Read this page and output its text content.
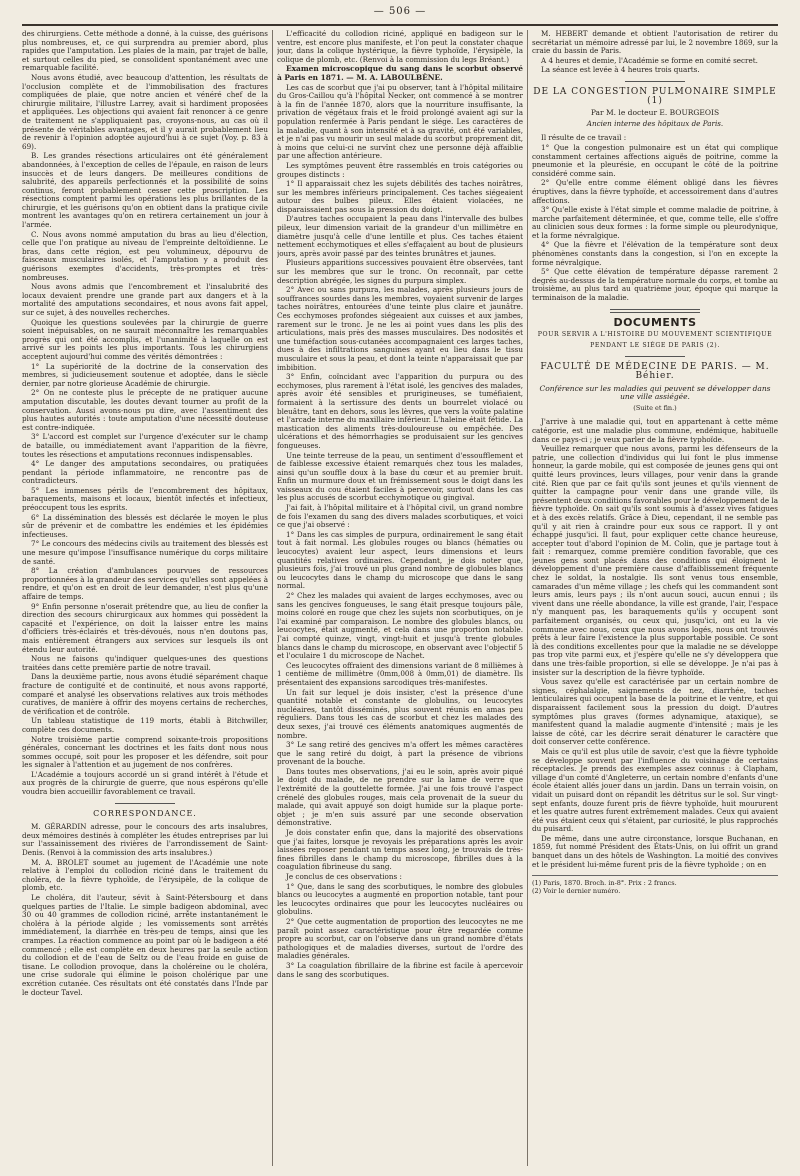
— 506 —

des chirurgiens. Cette méthode a donné, à la cuisse, des guérisons plus nombreuses, et, ce qui surprendra au premier abord, plus rapides que l'amputation. Les plaies de la main, par trajet de balle, et surtout celles du pied, se consolident spontanément avec une remarquable facilité.

Nous avons étudié, avec beaucoup d'attention, les résultats de l'occlusion complète et de l'immobilisation des fractures compliquées de plaie, que notre ancien et vénéré chef de la chirurgie militaire, l'illustre Larrey, avait si hardiment proposées et appliquées. Les objections qui avaient fait renoncer à ce genre de traitement ne s'appliquaient pas, croyons-nous, au cas où il présente de véritables avantages, et il y aurait probablement lieu de revenir à l'opinion adoptée aujourd'hui à ce sujet (Voy. p. 83 à 69).

B. Les grandes résections articulaires ont été généralement abandonnées, à l'exception de celles de l'épaule, en raison de leurs insuccès et de leurs dangers. De meilleures conditions de salubrité, des appareils perfectionnés et la possibilité de soins continus, feront probablement cesser cette proscription. Les résections comptent parmi les opérations les plus brillantes de la chirurgie, et les guérisons qu'on en obtient dans la pratique civile montrent les avantages qu'on en retirera certainement un jour à l'armée.

C. Nous avons nommé amputation du bras au lieu d'élection, celle que l'on pratique au niveau de l'empreinte deltoïdienne. Le bras, dans cette région, est peu volumineux, dépourvu de faisceaux musculaires isolés, et l'amputation y a produit des guérisons exemptes d'accidents, très-promptes et très-nombreuses.

Nous avons admis que l'encombrement et l'insalubrité des locaux devaient prendre une grande part aux dangers et à la mortalité des amputations secondaires, et nous avons fait appel, sur ce sujet, à des nouvelles recherches.

Quoique les questions soulevées par la chirurgie de guerre soient inépuisables, on ne saurait méconnaître les remarquables progrès qui ont été accomplis, et l'unanimité à laquelle on est arrivé sur les points les plus importants. Tous les chirurgiens acceptent aujourd'hui comme des vérités démontrées :

1° La supériorité de la doctrine de la conservation des membres, si judicieusement soutenue et adoptée, dans le siècle dernier, par notre glorieuse Académie de chirurgie.

2° On ne conteste plus le précepte de ne pratiquer aucune amputation discutable, les doutes devant tourner au profit de la conservation. Aussi avons-nous pu dire, avec l'assentiment des plus hautes autorités : toute amputation d'une nécessité douteuse est contre-indiquée.

3° L'accord est complet sur l'urgence d'exécuter sur le champ de bataille, ou immédiatement avant l'apparition de la fièvre, toutes les résections et amputations reconnues indispensables.

4° Le danger des amputations secondaires, ou pratiquées pendant la période inflammatoire, ne rencontre pas de contradicteurs.

5° Les immenses périls de l'encombrement des hôpitaux, baraquements, maisons et locaux, bientôt infectés et infectieux, préoccupent tous les esprits.

6° La dissémination des blessés est déclarée le moyen le plus sûr de prévenir et de combattre les endémies et les épidémies infectieuses.

7° Le concours des médecins civils au traitement des blessés est une mesure qu'impose l'insuffisance numérique du corps militaire de santé.

8° La création d'ambulances pourvues de ressources proportionnées à la grandeur des services qu'elles sont appelées à rendre, et qu'on est en droit de leur demander, n'est plus qu'une affaire de temps.

9° Enfin personne n'oserait prétendre que, au lieu de confier la direction des secours chirurgicaux aux hommes qui possèdent la capacité et l'expérience, on doit la laisser entre les mains d'officiers très-éclairés et très-dévoués, nous n'en doutons pas, mais entièrement étrangers aux services sur lesquels ils ont étendu leur autorité.

Nous ne faisons qu'indiquer quelques-unes des questions traitées dans cette première partie de notre travail.

Dans la deuxième partie, nous avons étudié séparément chaque fracture de contiguïté et de continuité, et nous avons rapporté, comparé et analysé les observations relatives aux trois méthodes curatives, de manière à offrir des moyens certains de recherches, de vérification et de contrôle.

Un tableau statistique de 119 morts, établi à Bitchwiller, complète ces documents.

Notre troisième partie comprend soixante-trois propositions générales, concernant les doctrines et les faits dont nous nous sommes occupé, soit pour les proposer et les défendre, soit pour les signaler à l'attention et au jugement de nos confrères.

L'Académie a toujours accordé un si grand intérêt à l'étude et aux progrès de la chirurgie de guerre, que nous espérons qu'elle voudra bien accueillir favorablement ce travail.

CORRESPONDANCE.

M. GÉRARDIN adresse, pour le concours des arts insalubres, deux mémoires destinés à compléter les études entreprises par lui sur l'assainissement des rivières de l'arrondissement de Saint-Denis. (Renvoi à la commission des arts insalubres.)

M. A. BROLET soumet au jugement de l'Académie une note relative à l'emploi du collodion riciné dans le traitement du choléra, de la fièvre typhoïde, de l'érysipèle, de la colique de plomb, etc.

Le choléra, dit l'auteur, sévit à Saint-Pétersbourg et dans quelques parties de l'Italie. Le simple badigeon abdominal, avec 30 ou 40 grammes de collodion riciné, arrête instantanément le choléra à la période algide ; les vomissements sont arrêtés immédiatement, la diarrhée en très-peu de temps, ainsi que les crampes. La réaction commence au point par où le badigeon a été commencé ; elle est complète en deux heures par la seule action du collodion et de l'eau de Seltz ou de l'eau froide en guise de tisane. Le collodion provoque, dans la choléreine ou le choléra, une crise sudorale qui élimine le poison cholérique par une excrétion cutanée. Ces résultats ont été constatés dans l'Inde par le docteur Tavel.

L'efficacité du collodion riciné, appliqué en badigeon sur le ventre, est encore plus manifeste, et l'on peut la constater chaque jour, dans la colique hystérique, la fièvre typhoïde, l'érysipèle, la colique de plomb, etc. (Renvoi à la commission du legs Bréant.)

Examen microscopique du sang dans le scorbut observé à Paris en 1871. — M. A. LABOULBÈNE.

Les cas de scorbut que j'ai pu observer, tant à l'hôpital militaire du Gros-Caillou qu'à l'hôpital Necker, ont commencé à se montrer à la fin de l'année 1870, alors que la nourriture insuffisante, la privation de végétaux frais et le froid prolongé avaient agi sur la population renfermée à Paris pendant le siége. Les caractères de la maladie, quant à son intensité et à sa gravité, ont été variables, et je n'ai pas vu mourir un seul malade du scorbut proprement dit, à moins que celui-ci ne survînt chez une personne déjà affaiblie par une affection antérieure.

Les symptômes peuvent être rassemblés en trois catégories ou groupes distincts :

1° Il apparaissait chez les sujets débilités des taches noirâtres, sur les membres inférieurs principalement. Ces taches siégeaient autour des bulbes pileux. Elles étaient violacées, ne disparaissaient pas sous la pression du doigt.

D'autres taches occupaient la peau dans l'intervalle des bulbes pileux, leur dimension variait de la grandeur d'un millimètre en diamètre jusqu'à celle d'une lentille et plus. Ces taches étaient nettement ecchymotiques et elles s'effaçaient au bout de plusieurs jours, après avoir passé par des teintes brunâtres et jaunes.

Plusieurs apparitions successives pouvaient être observées, tant sur les membres que sur le tronc. On reconnaît, par cette description abrégée, les signes du purpura simplex.

2° Avec ou sans purpura, les malades, après plusieurs jours de souffrances sourdes dans les membres, voyaient survenir de larges taches noirâtres, entourées d'une teinte plus claire et jaunâtre. Ces ecchymoses profondes siégeaient aux cuisses et aux jambes, rarement sur le tronc. Je ne les ai point vues dans les plis des articulations, mais près des masses musculaires. Des nodosités et une tuméfaction sous-cutanées accompagnaient ces larges taches, dues à des infiltrations sanguines ayant eu lieu dans le tissu musculaire et sous la peau, et dont la teinte n'apparaissait que par imbibition.

3° Enfin, coïncidant avec l'apparition du purpura ou des ecchymoses, plus rarement à l'état isolé, les gencives des malades, après avoir été sensibles et prurigineuses, se tuméfiaient, formaient à la sertissure des dents un bourrelet violacé ou bleuâtre, tant en dehors, sous les lèvres, que vers la voûte palatine et l'arcade interne du maxillaire inférieur. L'haleine était fétide. La mastication des aliments très-douloureuse ou empêchée. Des ulcérations et des hémorrhagies se produisaient sur les gencives fongueuses.

Une teinte terreuse de la peau, un sentiment d'essoufflement et de faiblesse excessive étaient remarqués chez tous les malades, ainsi qu'un souffle doux à la base du cœur et au premier bruit. Enfin un murmure doux et un frémissement sous le doigt dans les vaisseaux du cou étaient faciles à percevoir, surtout dans les cas les plus accusés de scorbut ecchymotique ou gingival.

J'ai fait, à l'hôpital militaire et à l'hôpital civil, un grand nombre de fois l'examen du sang des divers malades scorbutiques, et voici ce que j'ai observé :

1° Dans les cas simples de purpura, ordinairement le sang était tout à fait normal. Les globules rouges ou blancs (hématies ou leucocytes) avaient leur aspect, leurs dimensions et leurs quantités relatives ordinaires. Cependant, je dois noter que, plusieurs fois, j'ai trouvé un plus grand nombre de globules blancs ou leucocytes dans le champ du microscope que dans le sang normal.

2° Chez les malades qui avaient de larges ecchymoses, avec ou sans les gencives fongueuses, le sang était presque toujours pâle, moins coloré en rouge que chez les sujets non scorbutiques, on je l'ai examiné par comparaison. Le nombre des globules blancs, ou leucocytes, était augmenté, et cela dans une proportion notable. J'ai compté quinze, vingt, vingt-huit et jusqu'à trente globules blancs dans le champ du microscope, en observant avec l'objectif 5 et l'oculaire 1 du microscope de Nachet.

Ces leucocytes offraient des dimensions variant de 8 millièmes à 1 centième de millimètre (0mm,008 à 0mm,01) de diamètre. Ils présentaient des expansions sarcodiques très-manifestes.

Un fait sur lequel je dois insister, c'est la présence d'une quantité notable et constante de globulins, ou leucocytes nucléaires, tantôt disséminés, plus souvent réunis en amas peu réguliers. Dans tous les cas de scorbut et chez les malades des deux sexes, j'ai trouvé ces éléments anatomiques augmentés de nombre.

3° Le sang retiré des gencives m'a offert les mêmes caractères que le sang retiré du doigt, à part la présence de vibrions provenant de la bouche.

Dans toutes mes observations, j'ai eu le soin, après avoir piqué le doigt du malade, de ne prendre sur la lame de verre que l'extrémité de la gouttelette formée. J'ai une fois trouvé l'aspect crénelé des globules rouges, mais cela provenait de la sueur du malade, qui avait appuyé son doigt humide sur la plaque porte-objet ; je m'en suis assuré par une seconde observation démonstrative.

Je dois constater enfin que, dans la majorité des observations que j'ai faites, lorsque je revoyais les préparations après les avoir laissées reposer pendant un temps assez long, je trouvais de très-fines fibrilles dans le champ du microscope, fibrilles dues à la coagulation fibrineuse du sang.

Je conclus de ces observations :

1° Que, dans le sang des scorbutiques, le nombre des globules blancs ou leucocytes a augmenté en proportion notable, tant pour les leucocytes ordinaires que pour les leucocytes nucléaires ou globulins.

2° Que cette augmentation de proportion des leucocytes ne me paraît point assez caractéristique pour être regardée comme propre au scorbut, car on l'observe dans un grand nombre d'états pathologiques et de maladies diverses, surtout de l'ordre des maladies générales.

3° La coagulation fibrillaire de la fibrine est facile à apercevoir dans le sang des scorbutiques.

M. HÉBERT demande et obtient l'autorisation de retirer du secrétariat un mémoire adressé par lui, le 2 novembre 1869, sur la craie du bassin de Paris.

A 4 heures et demie, l'Académie se forme en comité secret.

La séance est levée à 4 heures trois quarts.

DE LA CONGESTION PULMONAIRE SIMPLE (1)
Par M. le docteur E. BOURGEOIS
Ancien interne des hôpitaux de Paris.

Il résulte de ce travail :

1° Que la congestion pulmonaire est un état qui complique constamment certaines affections aiguës de poitrine, comme la pneumonie et la pleurésie, en occupant le côté de la poitrine considéré comme sain.

2° Qu'elle entre comme élément obligé dans les fièvres éruptives, dans la fièvre typhoïde, et accessoirement dans d'autres affections.

3° Qu'elle existe à l'état simple et comme maladie de poitrine, à marche parfaitement déterminée, et que, comme telle, elle s'offre au clinicien sous deux formes : la forme simple ou pleurodynique, et la forme névralgique.

4° Que la fièvre et l'élévation de la température sont deux phénomènes constants dans la congestion, si l'on en excepte la forme névralgique.

5° Que cette élévation de température dépasse rarement 2 degrés au-dessus de la température normale du corps, et tombe au troisième, au plus tard au quatrième jour, époque qui marque la terminaison de la maladie.

DOCUMENTS
POUR SERVIR A L'HISTOIRE DU MOUVEMENT SCIENTIFIQUE
PENDANT LE SIÉGE DE PARIS (2).
FACULTÉ DE MÉDECINE DE PARIS. — M. Béhier.
Conférence sur les maladies qui peuvent se développer dans une ville assiégée.
(Suite et fin.)

J'arrive à une maladie qui, tout en appartenant à cette même catégorie, est une maladie plus commune, endémique, habituelle dans ce pays-ci ; je veux parler de la fièvre typhoïde.

Veuillez remarquer que nous avons, parmi les défenseurs de la patrie, une collection d'individus qui lui font le plus immense honneur, la garde mobile, qui est composée de jeunes gens qui ont quitté leurs provinces, leurs villages, pour venir dans la grande cité. Rien que par ce fait qu'ils sont jeunes et qu'ils viennent de quitter la campagne pour venir dans une grande ville, ils présentent deux conditions favorables pour le développement de la fièvre typhoïde. On sait qu'ils sont soumis à d'assez vives fatigues et à des excès relatifs. Grâce à Dieu, cependant, il ne semble pas qu'il y ait rien à craindre pour eux sous ce rapport. Il y ont échappé jusqu'ici. Il faut, pour expliquer cette chance heureuse, accepter tout d'abord l'opinion de M. Colin, que je partage tout à fait : remarquez, comme première condition favorable, que ces jeunes gens sont placés dans des conditions qui éloignent le développement d'une première cause d'affaiblissement fréquente chez le soldat, la nostalgie. Ils sont venus tous ensemble, camarades d'un même village ; les chefs qui les commandent sont leurs amis, leurs pays ; ils n'ont aucun souci, aucun ennui ; ils vivent dans une réelle abondance, la ville est grande, l'air, l'espace n'y manquent pas, les baraquements qu'ils y occupent sont parfaitement organisés, ou ceux qui, jusqu'ici, ont eu la vie commune avec nous, ceux que nous avons logés, nous ont trouvés prêts à leur faire l'existence la plus supportable possible. Ce sont là des conditions excellentes pour que la maladie ne se développe pas trop vite parmi eux, et j'espère qu'elle ne s'y développera que dans une très-faible proportion, si elle se développe. Je n'ai pas à insister sur la description de la fièvre typhoïde.

Vous savez qu'elle est caractérisée par un certain nombre de signes, céphalalgie, saignements de nez, diarrhée, taches lenticulaires qui occupent la base de la poitrine et le ventre, et qui disparaissent facilement sous la pression du doigt. D'autres symptômes plus graves (formes adynamique, ataxique), se manifestent quand la maladie augmente d'intensité ; mais je les laisse de côté, car les décrire serait dénaturer le caractère que doit conserver cette conférence.

Mais ce qu'il est plus utile de savoir, c'est que la fièvre typhoïde se développe souvent par l'influence du voisinage de certains réceptacles. Je prends des exemples assez connus : à Clapham, village d'un comté d'Angleterre, un certain nombre d'enfants d'une école étaient allés jouer dans un jardin. Dans un terrain voisin, on vidait un puisard dont on répandit les détritus sur le sol. Sur vingt-sept enfants, douze furent pris de fièvre typhoïde, huit moururent et les quatre autres furent extrêmement malades. Ceux qui avaient été vus étaient ceux qui s'étaient, par curiosité, le plus rapprochés du puisard.

De même, dans une autre circonstance, lorsque Buchanan, en 1859, fut nommé Président des États-Unis, on lui offrit un grand banquet dans un des hôtels de Washington. La moitié des convives et le président lui-même furent pris de la fièvre typhoïde ; on en

(1) Paris, 1870. Broch. in-8°. Prix : 2 francs.
(2) Voir le dernier numéro.
